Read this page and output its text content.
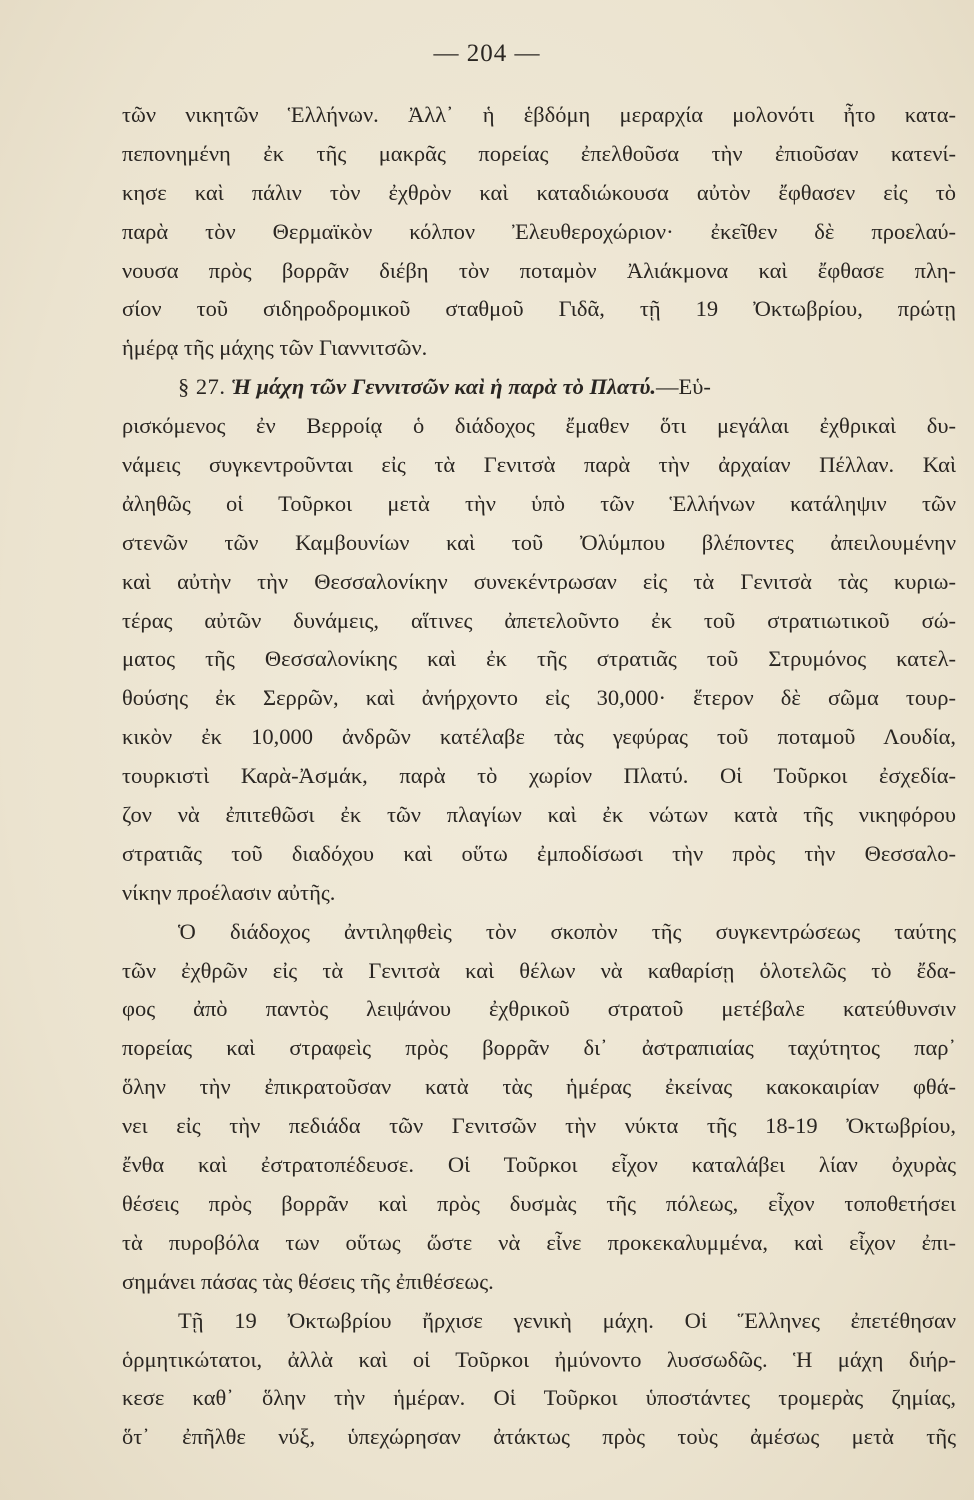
— 204 —
τῶν νικητῶν Ἑλλήνων. Ἀλλ᾽ ἡ ἑβδόμη μεραρχία μολονότι ἦτο κατα-
πεπονημένη ἐκ τῆς μακρᾶς πορείας ἐπελθοῦσα τὴν ἐπιοῦσαν κατενί-
κησε καὶ πάλιν τὸν ἐχθρὸν καὶ καταδιώκουσα αὐτὸν ἔφθασεν εἰς τὸ
παρὰ τὸν Θερμαϊκὸν κόλπον Ἐλευθεροχώριον· ἐκεῖθεν δὲ προελαύ-
νουσα πρὸς βορρᾶν διέβη τὸν ποταμὸν Ἀλιάκμονα καὶ ἔφθασε πλη-
σίον τοῦ σιδηροδρομικοῦ σταθμοῦ Γιδᾶ, τῇ 19 Ὀκτωβρίου, πρώτῃ
ἡμέρᾳ τῆς μάχης τῶν Γιαννιτσῶν.
§ 27. Ἡ μάχη τῶν Γεννιτσῶν καὶ ἡ παρὰ τὸ Πλατύ.—Εὑ-
ρισκόμενος ἐν Βερροίᾳ ὁ διάδοχος ἔμαθεν ὅτι μεγάλαι ἐχθρικαὶ δυ-
νάμεις συγκεντροῦνται εἰς τὰ Γενιτσὰ παρὰ τὴν ἀρχαίαν Πέλλαν. Καὶ
ἀληθῶς οἱ Τοῦρκοι μετὰ τὴν ὑπὸ τῶν Ἑλλήνων κατάληψιν τῶν
στενῶν τῶν Καμβουνίων καὶ τοῦ Ὀλύμπου βλέποντες ἀπειλουμένην
καὶ αὐτὴν τὴν Θεσσαλονίκην συνεκέντρωσαν εἰς τὰ Γενιτσὰ τὰς κυριω-
τέρας αὐτῶν δυνάμεις, αἵτινες ἀπετελοῦντο ἐκ τοῦ στρατιωτικοῦ σώ-
ματος τῆς Θεσσαλονίκης καὶ ἐκ τῆς στρατιᾶς τοῦ Στρυμόνος κατελ-
θούσης ἐκ Σερρῶν, καὶ ἀνήρχοντο εἰς 30,000· ἕτερον δὲ σῶμα τουρ-
κικὸν ἐκ 10,000 ἀνδρῶν κατέλαβε τὰς γεφύρας τοῦ ποταμοῦ Λουδία,
τουρκιστὶ Καρὰ-Ἀσμάκ, παρὰ τὸ χωρίον Πλατύ. Οἱ Τοῦρκοι ἐσχεδία-
ζον νὰ ἐπιτεθῶσι ἐκ τῶν πλαγίων καὶ ἐκ νώτων κατὰ τῆς νικηφόρου
στρατιᾶς τοῦ διαδόχου καὶ οὕτω ἐμποδίσωσι τὴν πρὸς τὴν Θεσσαλο-
νίκην προέλασιν αὐτῆς.
Ὁ διάδοχος ἀντιληφθεὶς τὸν σκοπὸν τῆς συγκεντρώσεως ταύτης
τῶν ἐχθρῶν εἰς τὰ Γενιτσὰ καὶ θέλων νὰ καθαρίσῃ ὁλοτελῶς τὸ ἔδα-
φος ἀπὸ παντὸς λειψάνου ἐχθρικοῦ στρατοῦ μετέβαλε κατεύθυνσιν
πορείας καὶ στραφεὶς πρὸς βορρᾶν δι᾽ ἀστραπιαίας ταχύτητος παρ᾽
ὅλην τὴν ἐπικρατοῦσαν κατὰ τὰς ἡμέρας ἐκείνας κακοκαιρίαν φθά-
νει εἰς τὴν πεδιάδα τῶν Γενιτσῶν τὴν νύκτα τῆς 18-19 Ὀκτωβρίου,
ἔνθα καὶ ἐστρατοπέδευσε. Οἱ Τοῦρκοι εἶχον καταλάβει λίαν ὀχυρὰς
θέσεις πρὸς βορρᾶν καὶ πρὸς δυσμὰς τῆς πόλεως, εἶχον τοποθετήσει
τὰ πυροβόλα των οὕτως ὥστε νὰ εἶνε προκεκαλυμμένα, καὶ εἶχον ἐπι-
σημάνει πάσας τὰς θέσεις τῆς ἐπιθέσεως.
Τῇ 19 Ὀκτωβρίου ἤρχισε γενικὴ μάχη. Οἱ Ἕλληνες ἐπετέθησαν
ὁρμητικώτατοι, ἀλλὰ καὶ οἱ Τοῦρκοι ἠμύνοντο λυσσωδῶς. Ἡ μάχη διήρ-
κεσε καθ᾽ ὅλην τὴν ἡμέραν. Οἱ Τοῦρκοι ὑποστάντες τρομερὰς ζημίας,
ὅτ᾽ ἐπῆλθε νύξ, ὑπεχώρησαν ἀτάκτως πρὸς τοὺς ἀμέσως μετὰ τῆς
